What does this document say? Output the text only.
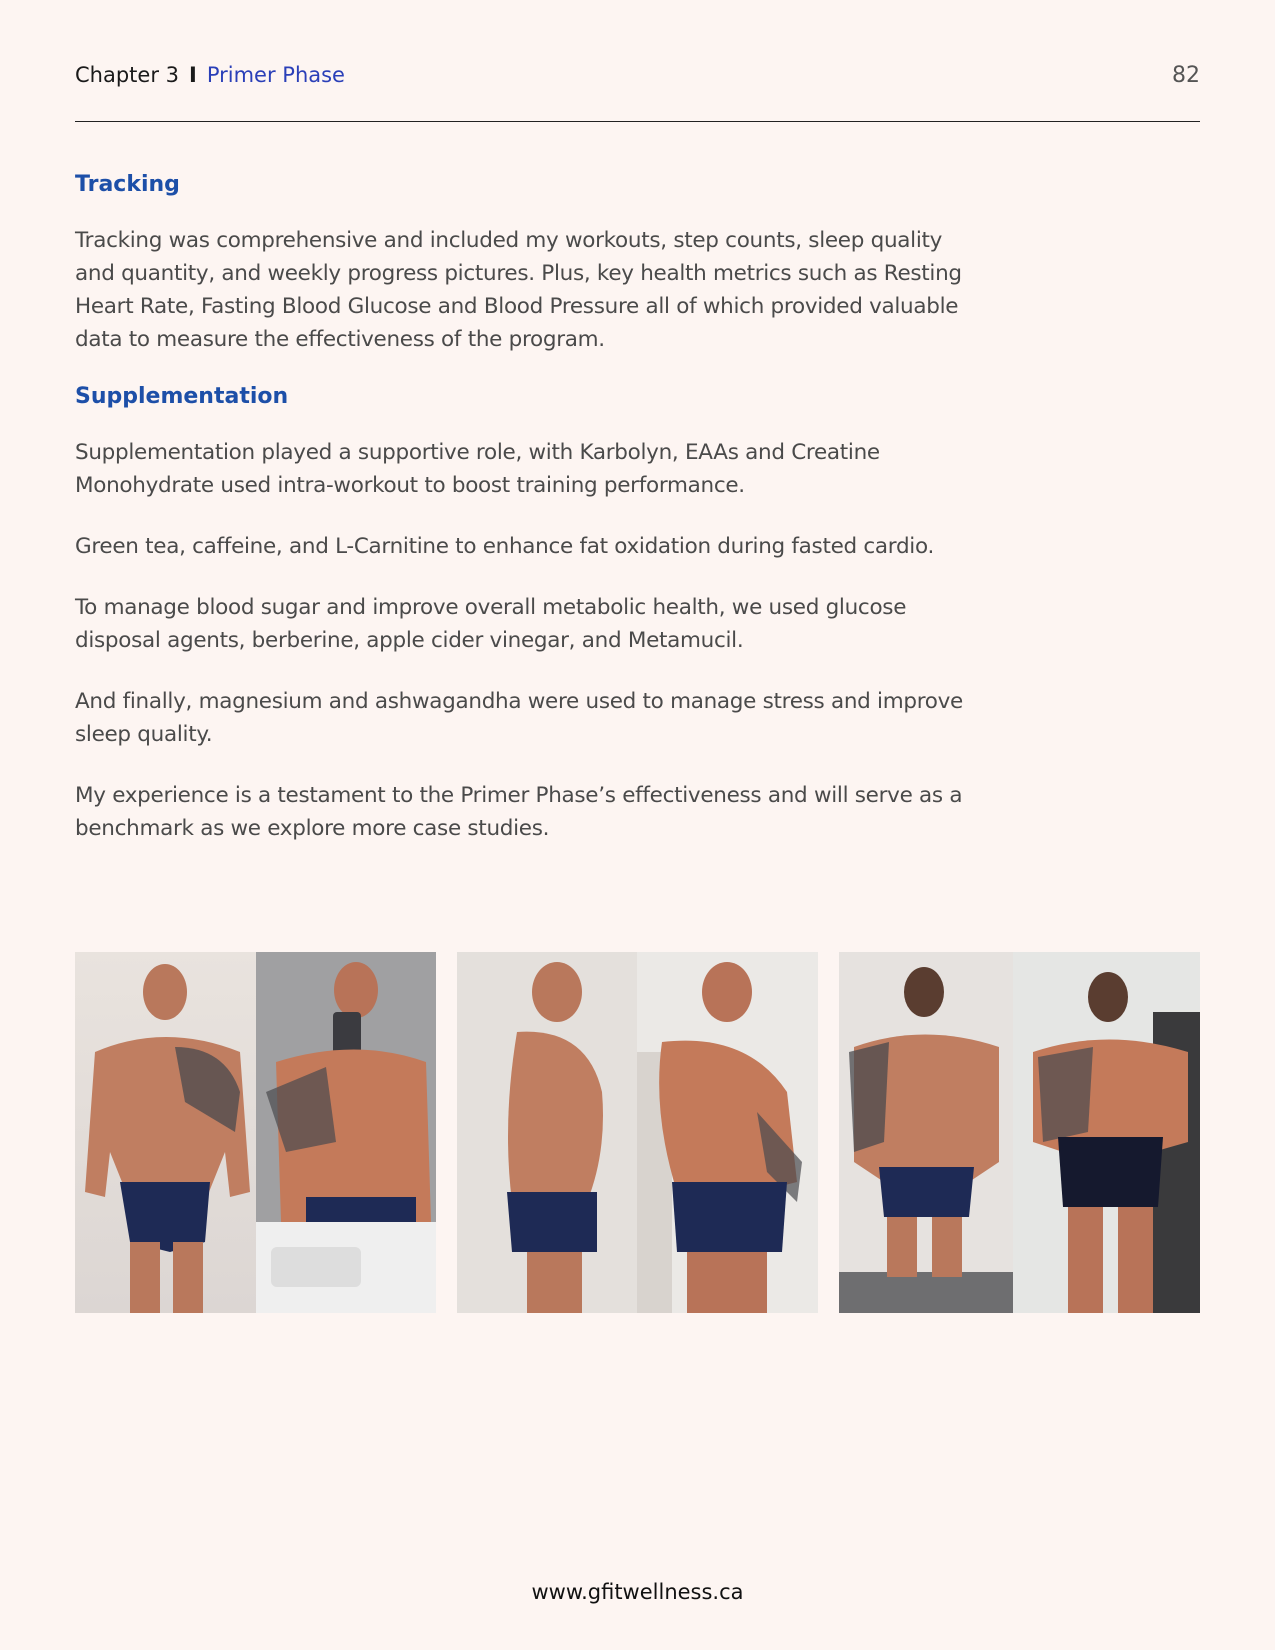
Chapter 3 I Primer Phase	82
Tracking

Tracking was comprehensive and included my workouts, step counts, sleep quality and quantity, and weekly progress pictures. Plus, key health metrics such as Resting Heart Rate, Fasting Blood Glucose and Blood Pressure all of which provided valuable data to measure the effectiveness of the program.

Supplementation

Supplementation played a supportive role, with Karbolyn, EAAs and Creatine Monohydrate used intra-workout to boost training performance.

Green tea, caffeine, and L-Carnitine to enhance fat oxidation during fasted cardio.

To manage blood sugar and improve overall metabolic health, we used glucose disposal agents, berberine, apple cider vinegar, and Metamucil.

And finally, magnesium and ashwagandha were used to manage stress and improve sleep quality.

My experience is a testament to the Primer Phase’s effectiveness and will serve as a benchmark as we explore more case studies.

www.gfitwellness.ca
